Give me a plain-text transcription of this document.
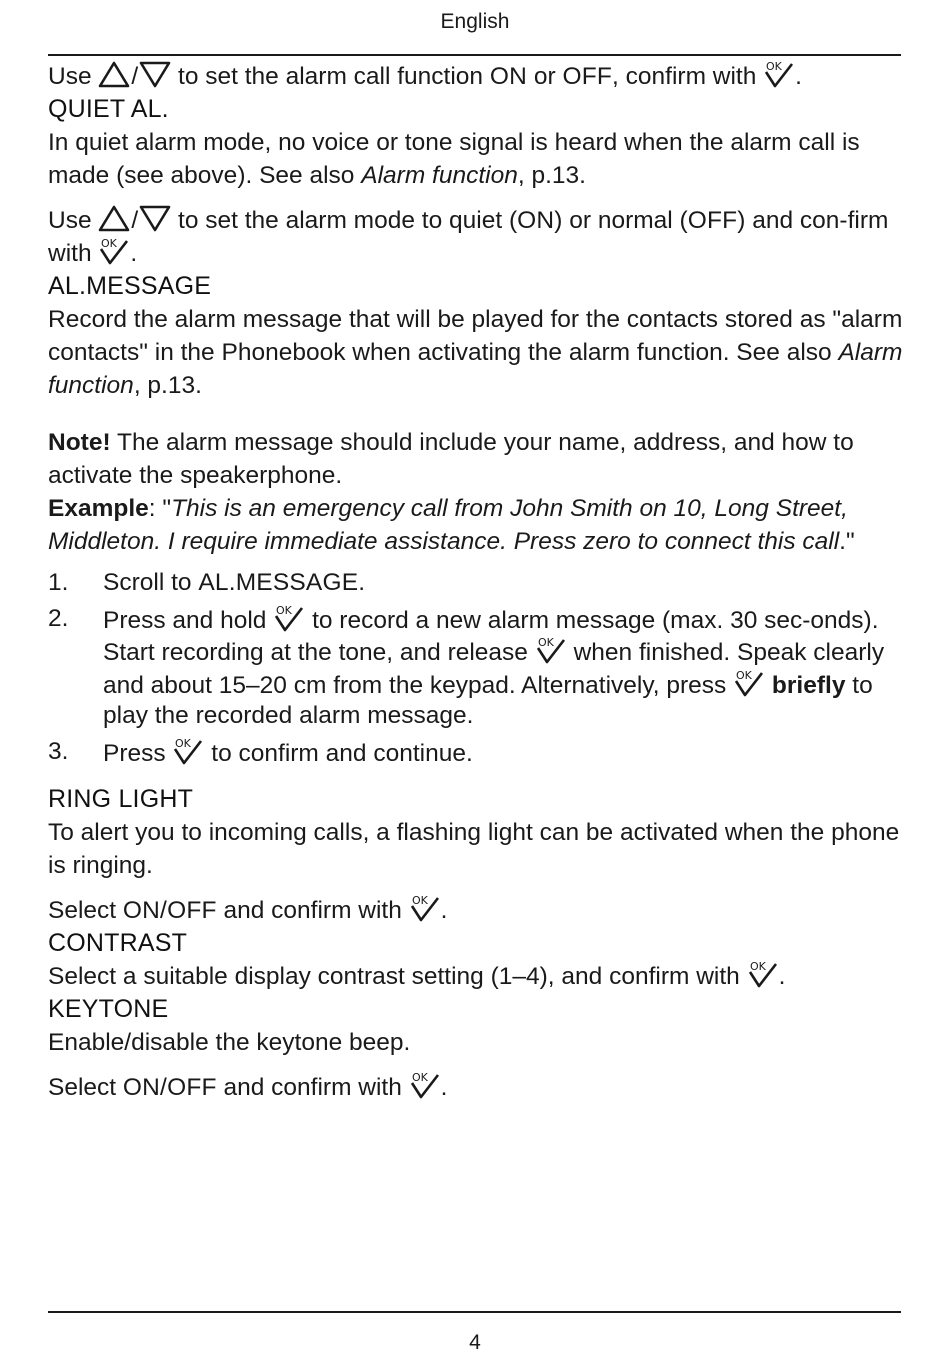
English

Use / to set the alarm call function ON or OFF, confirm with OK .

QUIET AL.

In quiet alarm mode, no voice or tone signal is heard when the alarm call is made (see above). See also Alarm function, p.13.

Use / to set the alarm mode to quiet (ON) or normal (OFF) and con-firm with OK .

AL.MESSAGE

Record the alarm message that will be played for the contacts stored as "alarm contacts" in the Phonebook when activating the alarm function. See also Alarm function, p.13.

Note! The alarm message should include your name, address, and how to activate the speakerphone.

Example: "This is an emergency call from John Smith on 10, Long Street, Middleton. I require immediate assistance. Press zero to connect this call."

1. Scroll to AL.MESSAGE.
2. Press and hold OK to record a new alarm message (max. 30 sec-onds). Start recording at the tone, and release OK when finished. Speak clearly and about 15–20 cm from the keypad. Alternatively, press OK briefly to play the recorded alarm message.
3. Press OK to confirm and continue.
RING LIGHT

To alert you to incoming calls, a flashing light can be activated when the phone is ringing.

Select ON/OFF and confirm with OK .

CONTRAST

Select a suitable display contrast setting (1–4), and confirm with OK .

KEYTONE

Enable/disable the keytone beep.

Select ON/OFF and confirm with OK .

4
